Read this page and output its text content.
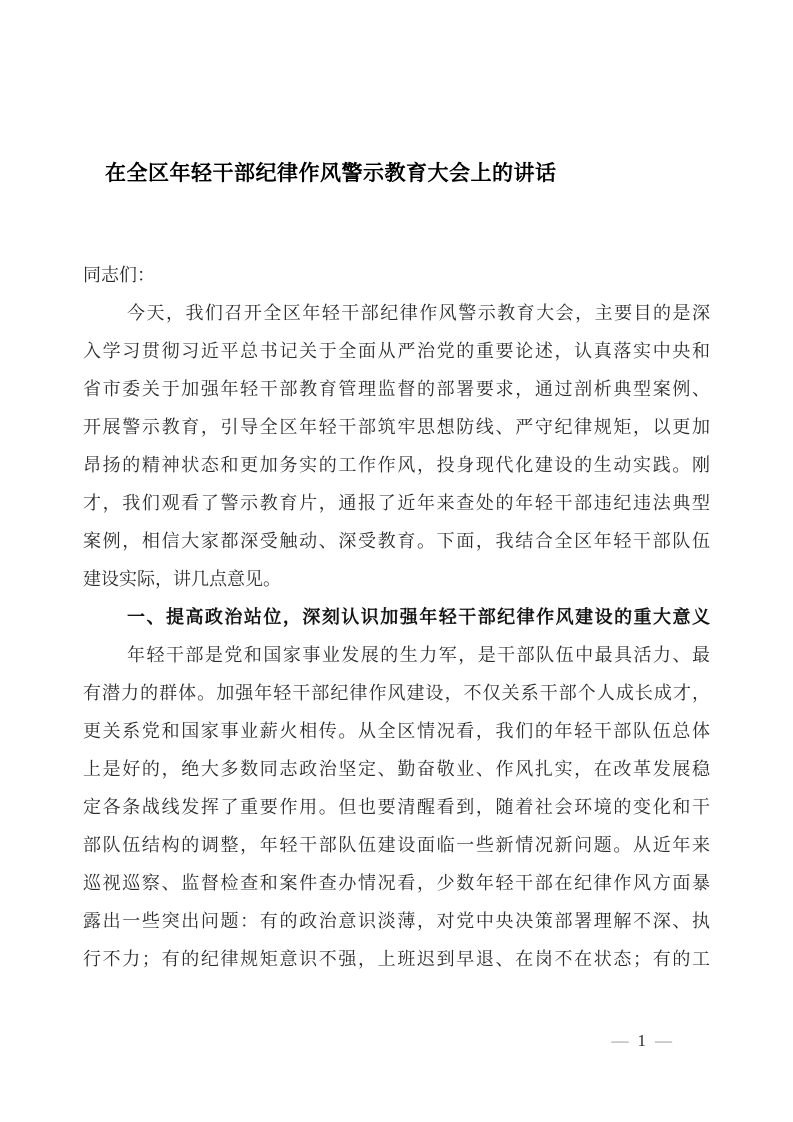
在全区年轻干部纪律作风警示教育大会上的讲话
同志们：
今天，我们召开全区年轻干部纪律作风警示教育大会，主要目的是深
入学习贯彻习近平总书记关于全面从严治党的重要论述，认真落实中央和
省市委关于加强年轻干部教育管理监督的部署要求，通过剖析典型案例、
开展警示教育，引导全区年轻干部筑牢思想防线、严守纪律规矩，以更加
昂扬的精神状态和更加务实的工作作风，投身现代化建设的生动实践。刚
才，我们观看了警示教育片，通报了近年来查处的年轻干部违纪违法典型
案例，相信大家都深受触动、深受教育。下面，我结合全区年轻干部队伍
建设实际，讲几点意见。
一、提高政治站位，深刻认识加强年轻干部纪律作风建设的重大意义
年轻干部是党和国家事业发展的生力军，是干部队伍中最具活力、最
有潜力的群体。加强年轻干部纪律作风建设，不仅关系干部个人成长成才，
更关系党和国家事业薪火相传。从全区情况看，我们的年轻干部队伍总体
上是好的，绝大多数同志政治坚定、勤奋敬业、作风扎实，在改革发展稳
定各条战线发挥了重要作用。但也要清醒看到，随着社会环境的变化和干
部队伍结构的调整，年轻干部队伍建设面临一些新情况新问题。从近年来
巡视巡察、监督检查和案件查办情况看，少数年轻干部在纪律作风方面暴
露出一些突出问题：有的政治意识淡薄，对党中央决策部署理解不深、执
行不力；有的纪律规矩意识不强，上班迟到早退、在岗不在状态；有的工
— 1 —
